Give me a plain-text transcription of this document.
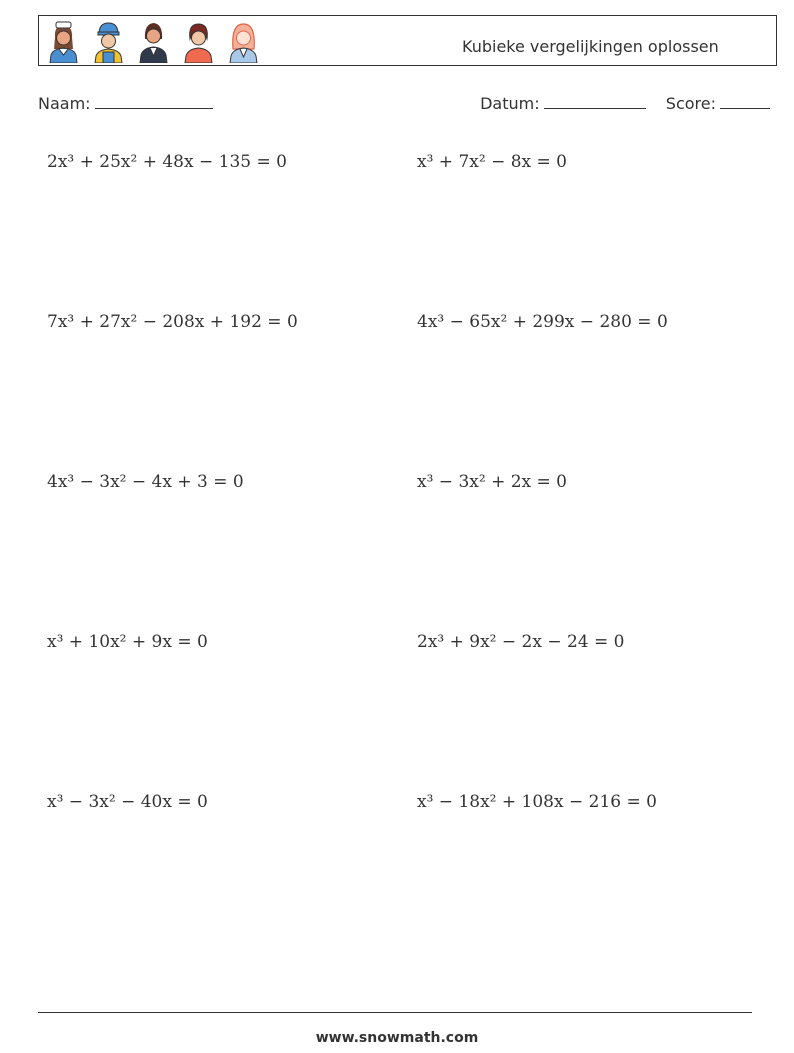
Kubieke vergelijkingen oplossen
Naam:	Datum:	Score:
2x³ + 25x² + 48x − 135 = 0	x³ + 7x² − 8x = 0
7x³ + 27x² − 208x + 192 = 0	4x³ − 65x² + 299x − 280 = 0
4x³ − 3x² − 4x + 3 = 0	x³ − 3x² + 2x = 0
x³ + 10x² + 9x = 0	2x³ + 9x² − 2x − 24 = 0
x³ − 3x² − 40x = 0	x³ − 18x² + 108x − 216 = 0
www.snowmath.com
